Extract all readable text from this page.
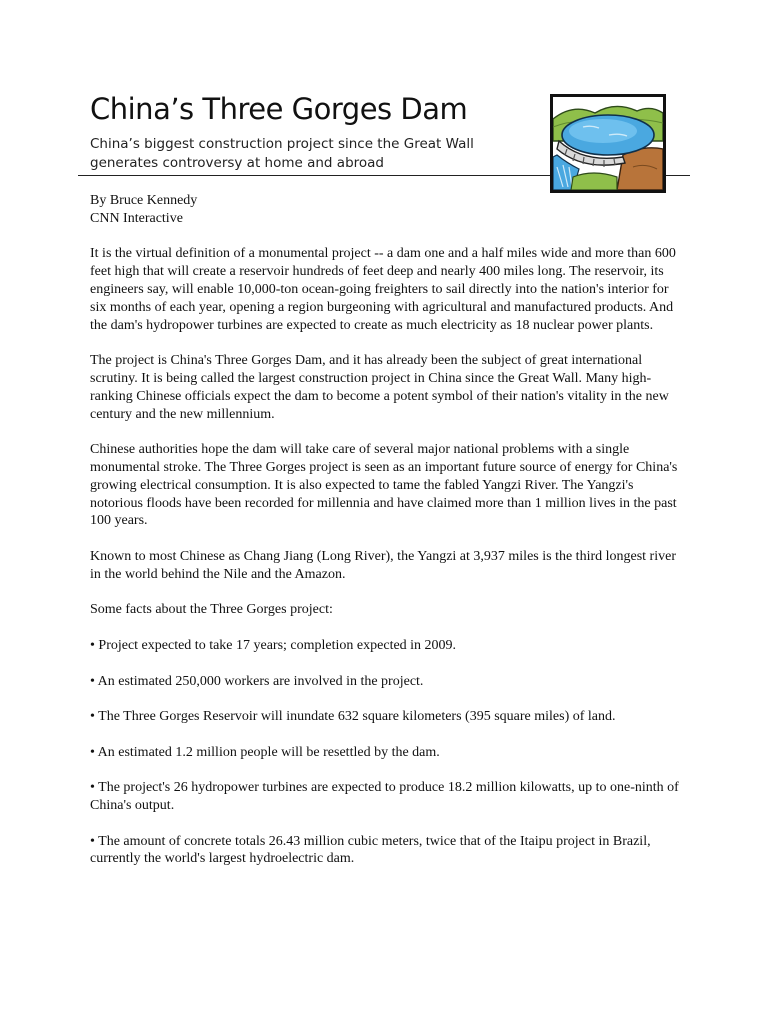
China’s Three Gorges Dam
China’s biggest construction project since the Great Wall generates controversy at home and abroad

By Bruce Kennedy
CNN Interactive

It is the virtual definition of a monumental project -- a dam one and a half miles wide and more than 600 feet high that will create a reservoir hundreds of feet deep and nearly 400 miles long. The reservoir, its engineers say, will enable 10,000-ton ocean-going freighters to sail directly into the nation's interior for six months of each year, opening a region burgeoning with agricultural and manufactured products. And the dam's hydropower turbines are expected to create as much electricity as 18 nuclear power plants.

The project is China's Three Gorges Dam, and it has already been the subject of great international scrutiny. It is being called the largest construction project in China since the Great Wall. Many high-ranking Chinese officials expect the dam to become a potent symbol of their nation's vitality in the new century and the new millennium.

Chinese authorities hope the dam will take care of several major national problems with a single monumental stroke. The Three Gorges project is seen as an important future source of energy for China's growing electrical consumption. It is also expected to tame the fabled Yangzi River. The Yangzi's notorious floods have been recorded for millennia and have claimed more than 1 million lives in the past 100 years.

Known to most Chinese as Chang Jiang (Long River), the Yangzi at 3,937 miles is the third longest river in the world behind the Nile and the Amazon.

Some facts about the Three Gorges project:

• Project expected to take 17 years; completion expected in 2009.

• An estimated 250,000 workers are involved in the project.

• The Three Gorges Reservoir will inundate 632 square kilometers (395 square miles) of land.

• An estimated 1.2 million people will be resettled by the dam.

• The project's 26 hydropower turbines are expected to produce 18.2 million kilowatts, up to one-ninth of China's output.

• The amount of concrete totals 26.43 million cubic meters, twice that of the Itaipu project in Brazil, currently the world's largest hydroelectric dam.
